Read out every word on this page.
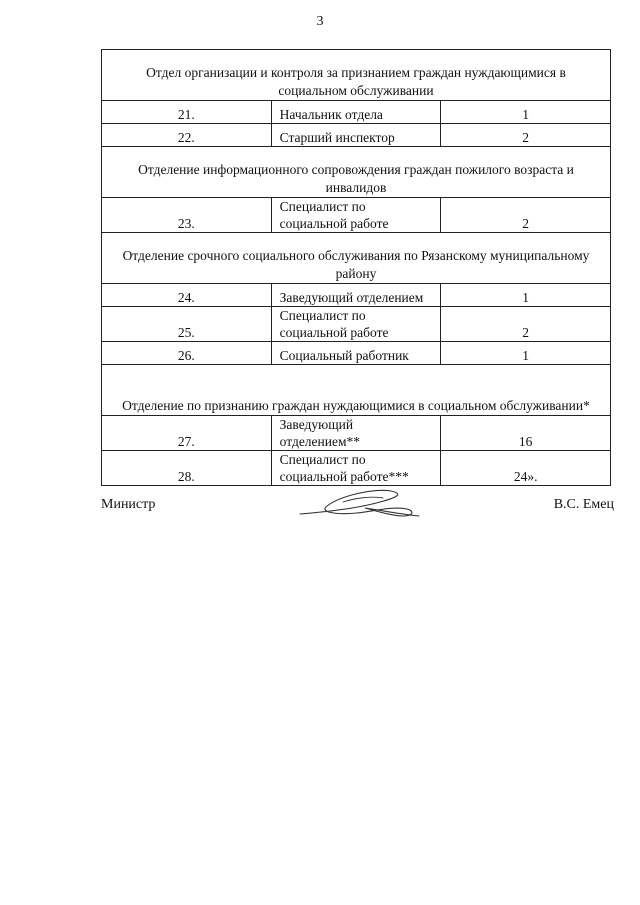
3
Отдел организации и контроля за признанием граждан нуждающимися в социальном обслуживании		
21.	Начальник отдела	1
22.	Старший инспектор	2
Отделение информационного сопровождения граждан пожилого возраста и инвалидов		
23.	Специалист по социальной работе	2
Отделение срочного социального обслуживания по Рязанскому муниципальному району		
24.	Заведующий отделением	1
25.	Специалист по социальной работе	2
26.	Социальный работник	1
Отделение по признанию граждан нуждающимися в социальном обслуживании*		
27.	Заведующий отделением**	16
28.	Специалист по социальной работе***	24».
Министр	В.С. Емец
